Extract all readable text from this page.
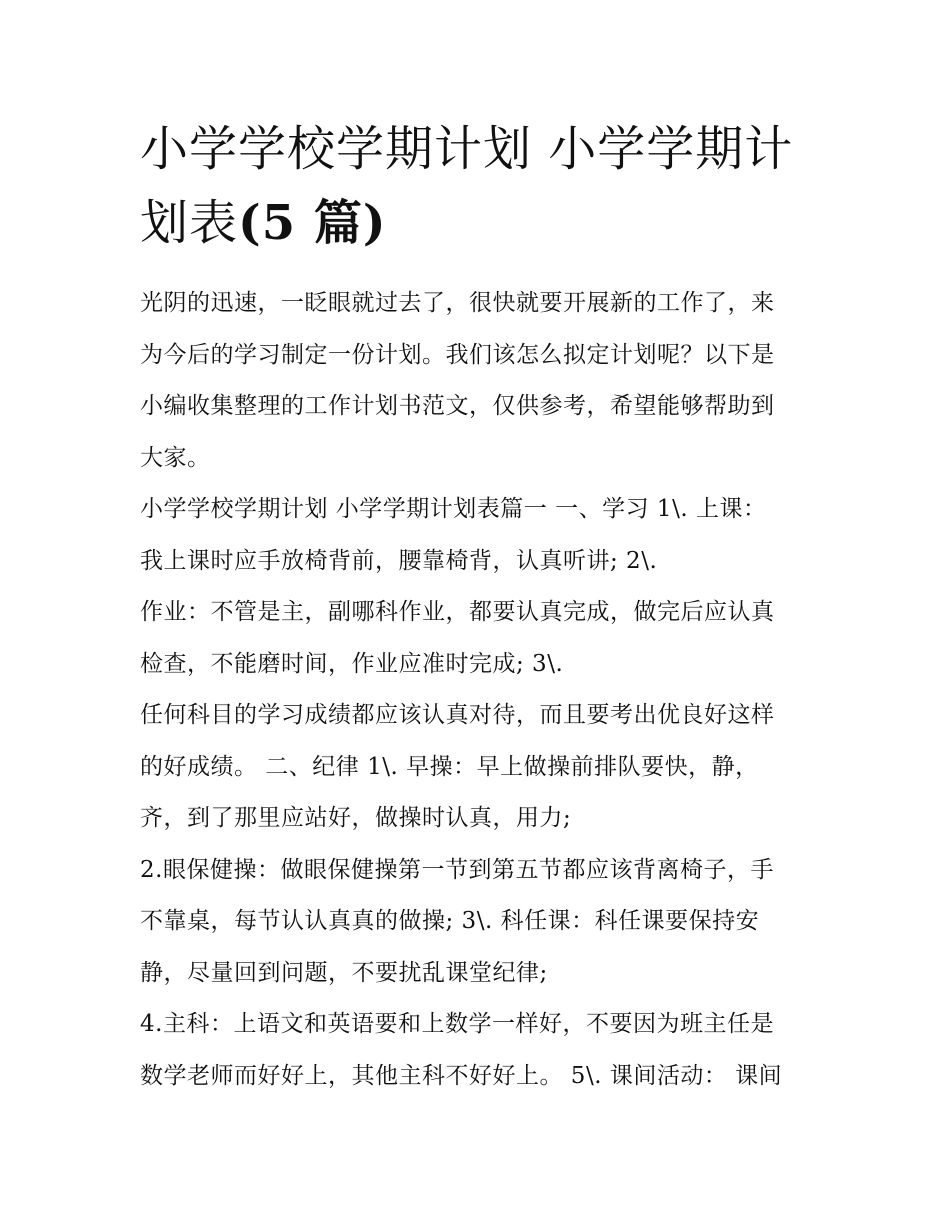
小学学校学期计划 小学学期计
划表(5 篇)
光阴的迅速，一眨眼就过去了，很快就要开展新的工作了，来
为今后的学习制定一份计划。我们该怎么拟定计划呢？以下是
小编收集整理的工作计划书范文，仅供参考，希望能够帮助到
大家。
小学学校学期计划 小学学期计划表篇一 一、学习 1\. 上课：
我上课时应手放椅背前，腰靠椅背，认真听讲; 2\.
作业：不管是主，副哪科作业，都要认真完成，做完后应认真
检查，不能磨时间，作业应准时完成; 3\.
任何科目的学习成绩都应该认真对待，而且要考出优良好这样
的好成绩。 二、纪律 1\. 早操：早上做操前排队要快，静，
齐，到了那里应站好，做操时认真，用力;
2.眼保健操：做眼保健操第一节到第五节都应该背离椅子，手
不靠桌，每节认认真真的做操; 3\. 科任课：科任课要保持安
静，尽量回到问题，不要扰乱课堂纪律;
4.主科：上语文和英语要和上数学一样好，不要因为班主任是
数学老师而好好上，其他主科不好好上。 5\. 课间活动： 课间
